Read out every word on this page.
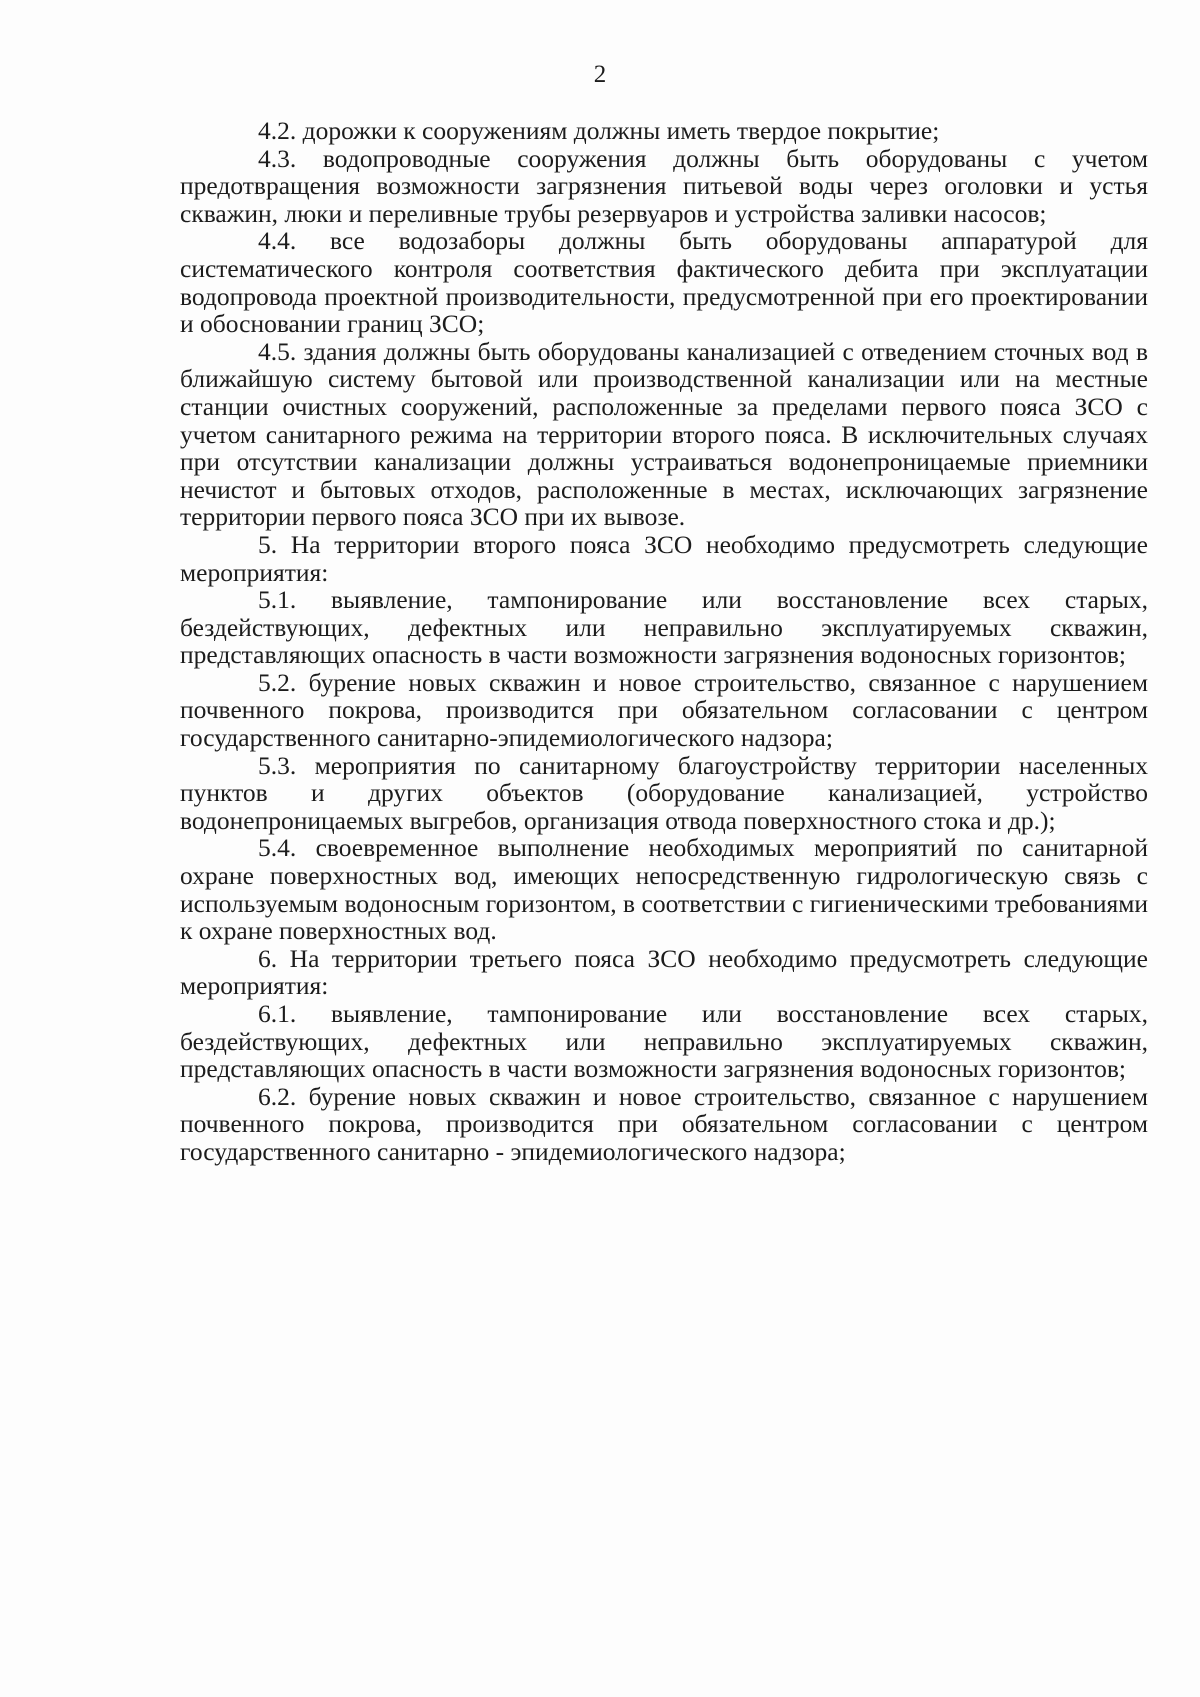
2

4.2. дорожки к сооружениям должны иметь твердое покрытие;

4.3. водопроводные сооружения должны быть оборудованы с учетом предотвращения возможности загрязнения питьевой воды через оголовки и устья скважин, люки и переливные трубы резервуаров и устройства заливки насосов;

4.4. все водозаборы должны быть оборудованы аппаратурой для систематического контроля соответствия фактического дебита при эксплуатации водопровода проектной производительности, предусмотренной при его проектировании и обосновании границ ЗСО;

4.5. здания должны быть оборудованы канализацией с отведением сточных вод в ближайшую систему бытовой или производственной канализации или на местные станции очистных сооружений, расположенные за пределами первого пояса ЗСО с учетом санитарного режима на территории второго пояса. В исключительных случаях при отсутствии канализации должны устраиваться водонепроницаемые приемники нечистот и бытовых отходов, расположенные в местах, исключающих загрязнение территории первого пояса ЗСО при их вывозе.

5. На территории второго пояса ЗСО необходимо предусмотреть следующие мероприятия:

5.1. выявление, тампонирование или восстановление всех старых, бездействующих, дефектных или неправильно эксплуатируемых скважин, представляющих опасность в части возможности загрязнения водоносных горизонтов;

5.2. бурение новых скважин и новое строительство, связанное с нарушением почвенного покрова, производится при обязательном согласовании с центром государственного санитарно-эпидемиологического надзора;

5.3. мероприятия по санитарному благоустройству территории населенных пунктов и других объектов (оборудование канализацией, устройство водонепроницаемых выгребов, организация отвода поверхностного стока и др.);

5.4. своевременное выполнение необходимых мероприятий по санитарной охране поверхностных вод, имеющих непосредственную гидрологическую связь с используемым водоносным горизонтом, в соответствии с гигиеническими требованиями к охране поверхностных вод.

6. На территории третьего пояса ЗСО необходимо предусмотреть следующие мероприятия:

6.1. выявление, тампонирование или восстановление всех старых, бездействующих, дефектных или неправильно эксплуатируемых скважин, представляющих опасность в части возможности загрязнения водоносных горизонтов;

6.2. бурение новых скважин и новое строительство, связанное с нарушением почвенного покрова, производится при обязательном согласовании с центром государственного санитарно - эпидемиологического надзора;
